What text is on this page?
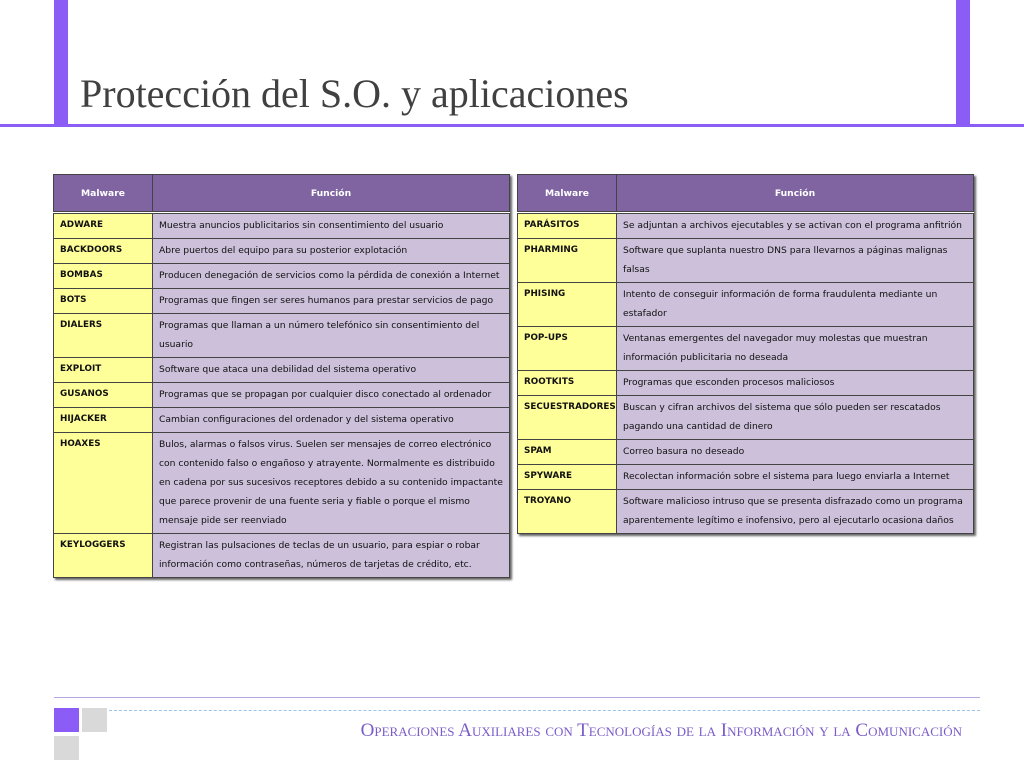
Protección del S.O. y aplicaciones
Malware	Función

ADWARE	Muestra anuncios publicitarios sin consentimiento del usuario
BACKDOORS	Abre puertos del equipo para su posterior explotación
BOMBAS	Producen denegación de servicios como la pérdida de conexión a Internet
BOTS	Programas que fingen ser seres humanos para prestar servicios de pago
DIALERS	Programas que llaman a un número telefónico sin consentimiento del usuario
EXPLOIT	Software que ataca una debilidad del sistema operativo
GUSANOS	Programas que se propagan por cualquier disco conectado al ordenador
HIJACKER	Cambian configuraciones del ordenador y del sistema operativo
HOAXES	Bulos, alarmas o falsos virus. Suelen ser mensajes de correo electrónico con contenido falso o engañoso y atrayente. Normalmente es distribuido en cadena por sus sucesivos receptores debido a su contenido impactante que parece provenir de una fuente seria y fiable o porque el mismo mensaje pide ser reenviado
KEYLOGGERS	Registran las pulsaciones de teclas de un usuario, para espiar o robar información como contraseñas, números de tarjetas de crédito, etc.
Malware	Función

PARÁSITOS	Se adjuntan a archivos ejecutables y se activan con el programa anfitrión
PHARMING	Software que suplanta nuestro DNS para llevarnos a páginas malignas falsas
PHISING	Intento de conseguir información de forma fraudulenta mediante un estafador
POP-UPS	Ventanas emergentes del navegador muy molestas que muestran información publicitaria no deseada
ROOTKITS	Programas que esconden procesos maliciosos
SECUESTRADORES	Buscan y cifran archivos del sistema que sólo pueden ser rescatados pagando una cantidad de dinero
SPAM	Correo basura no deseado
SPYWARE	Recolectan información sobre el sistema para luego enviarla a Internet
TROYANO	Software malicioso intruso que se presenta disfrazado como un programa aparentemente legítimo e inofensivo, pero al ejecutarlo ocasiona daños
Operaciones Auxiliares con Tecnologías de la Información y la Comunicación
